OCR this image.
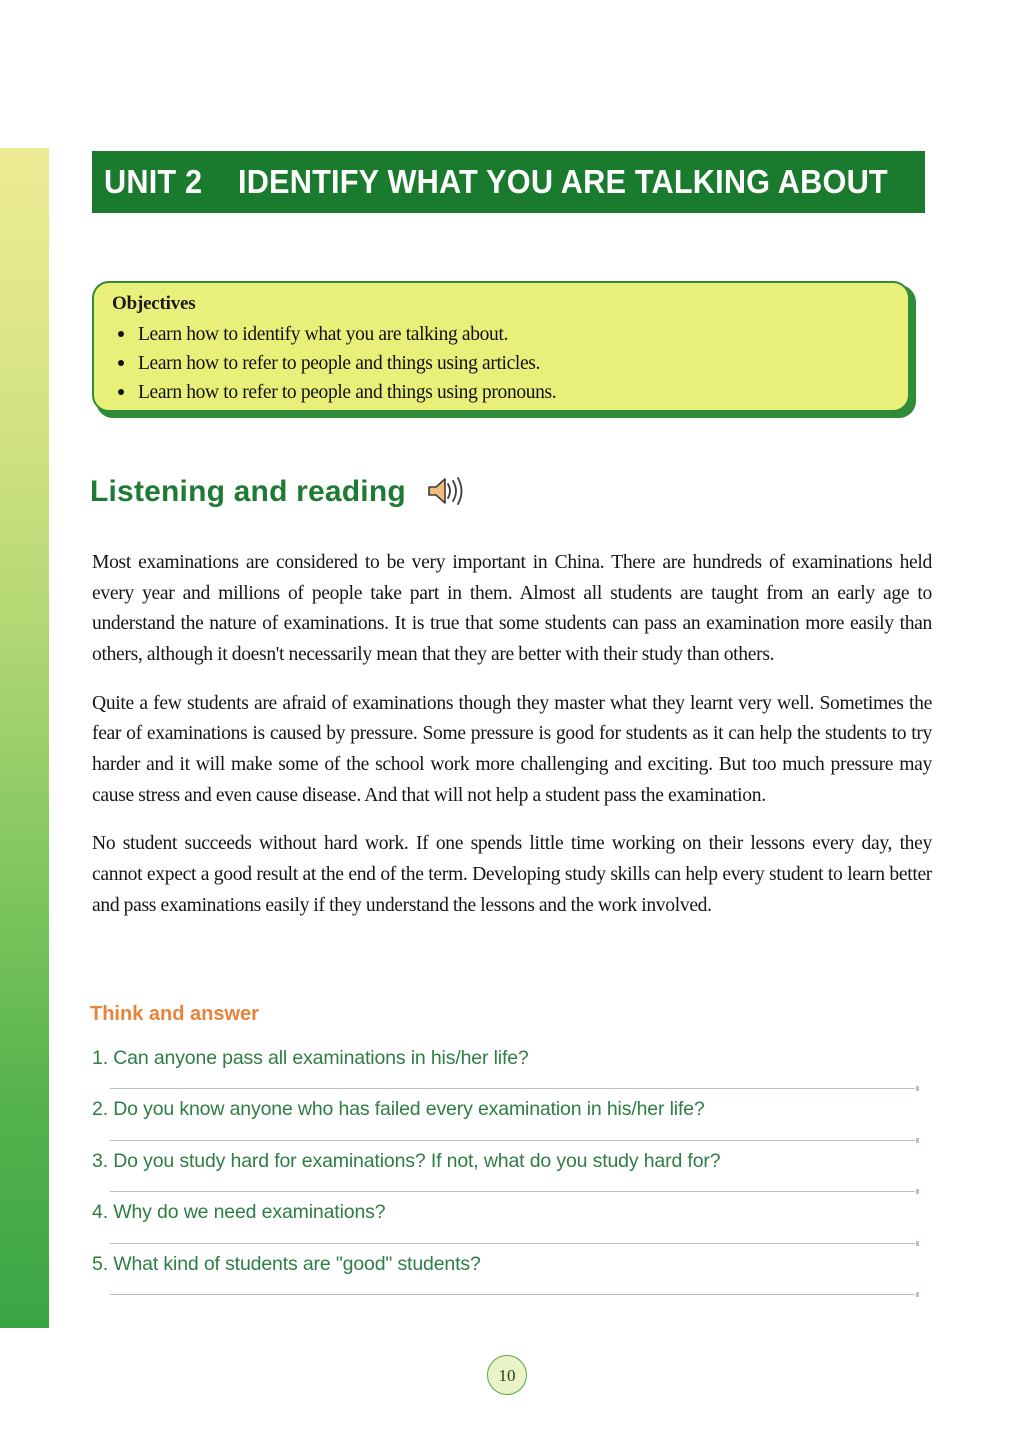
UNIT 2 IDENTIFY WHAT YOU ARE TALKING ABOUT
Objectives
Learn how to identify what you are talking about.
Learn how to refer to people and things using articles.
Learn how to refer to people and things using pronouns.
Listening and reading

Most examinations are considered to be very important in China. There are hundreds of examinations held every year and millions of people take part in them. Almost all students are taught from an early age to understand the nature of examinations. It is true that some students can pass an examination more easily than others, although it doesn't necessarily mean that they are better with their study than others.

Quite a few students are afraid of examinations though they master what they learnt very well. Sometimes the fear of examinations is caused by pressure. Some pressure is good for students as it can help the students to try harder and it will make some of the school work more challenging and exciting. But too much pressure may cause stress and even cause disease. And that will not help a student pass the examination.

No student succeeds without hard work. If one spends little time working on their lessons every day, they cannot expect a good result at the end of the term. Developing study skills can help every student to learn better and pass examinations easily if they understand the lessons and the work involved.

Think and answer
1. Can anyone pass all examinations in his/her life?
2. Do you know anyone who has failed every examination in his/her life?
3. Do you study hard for examinations? If not, what do you study hard for?
4. Why do we need examinations?
5. What kind of students are "good" students?
10
